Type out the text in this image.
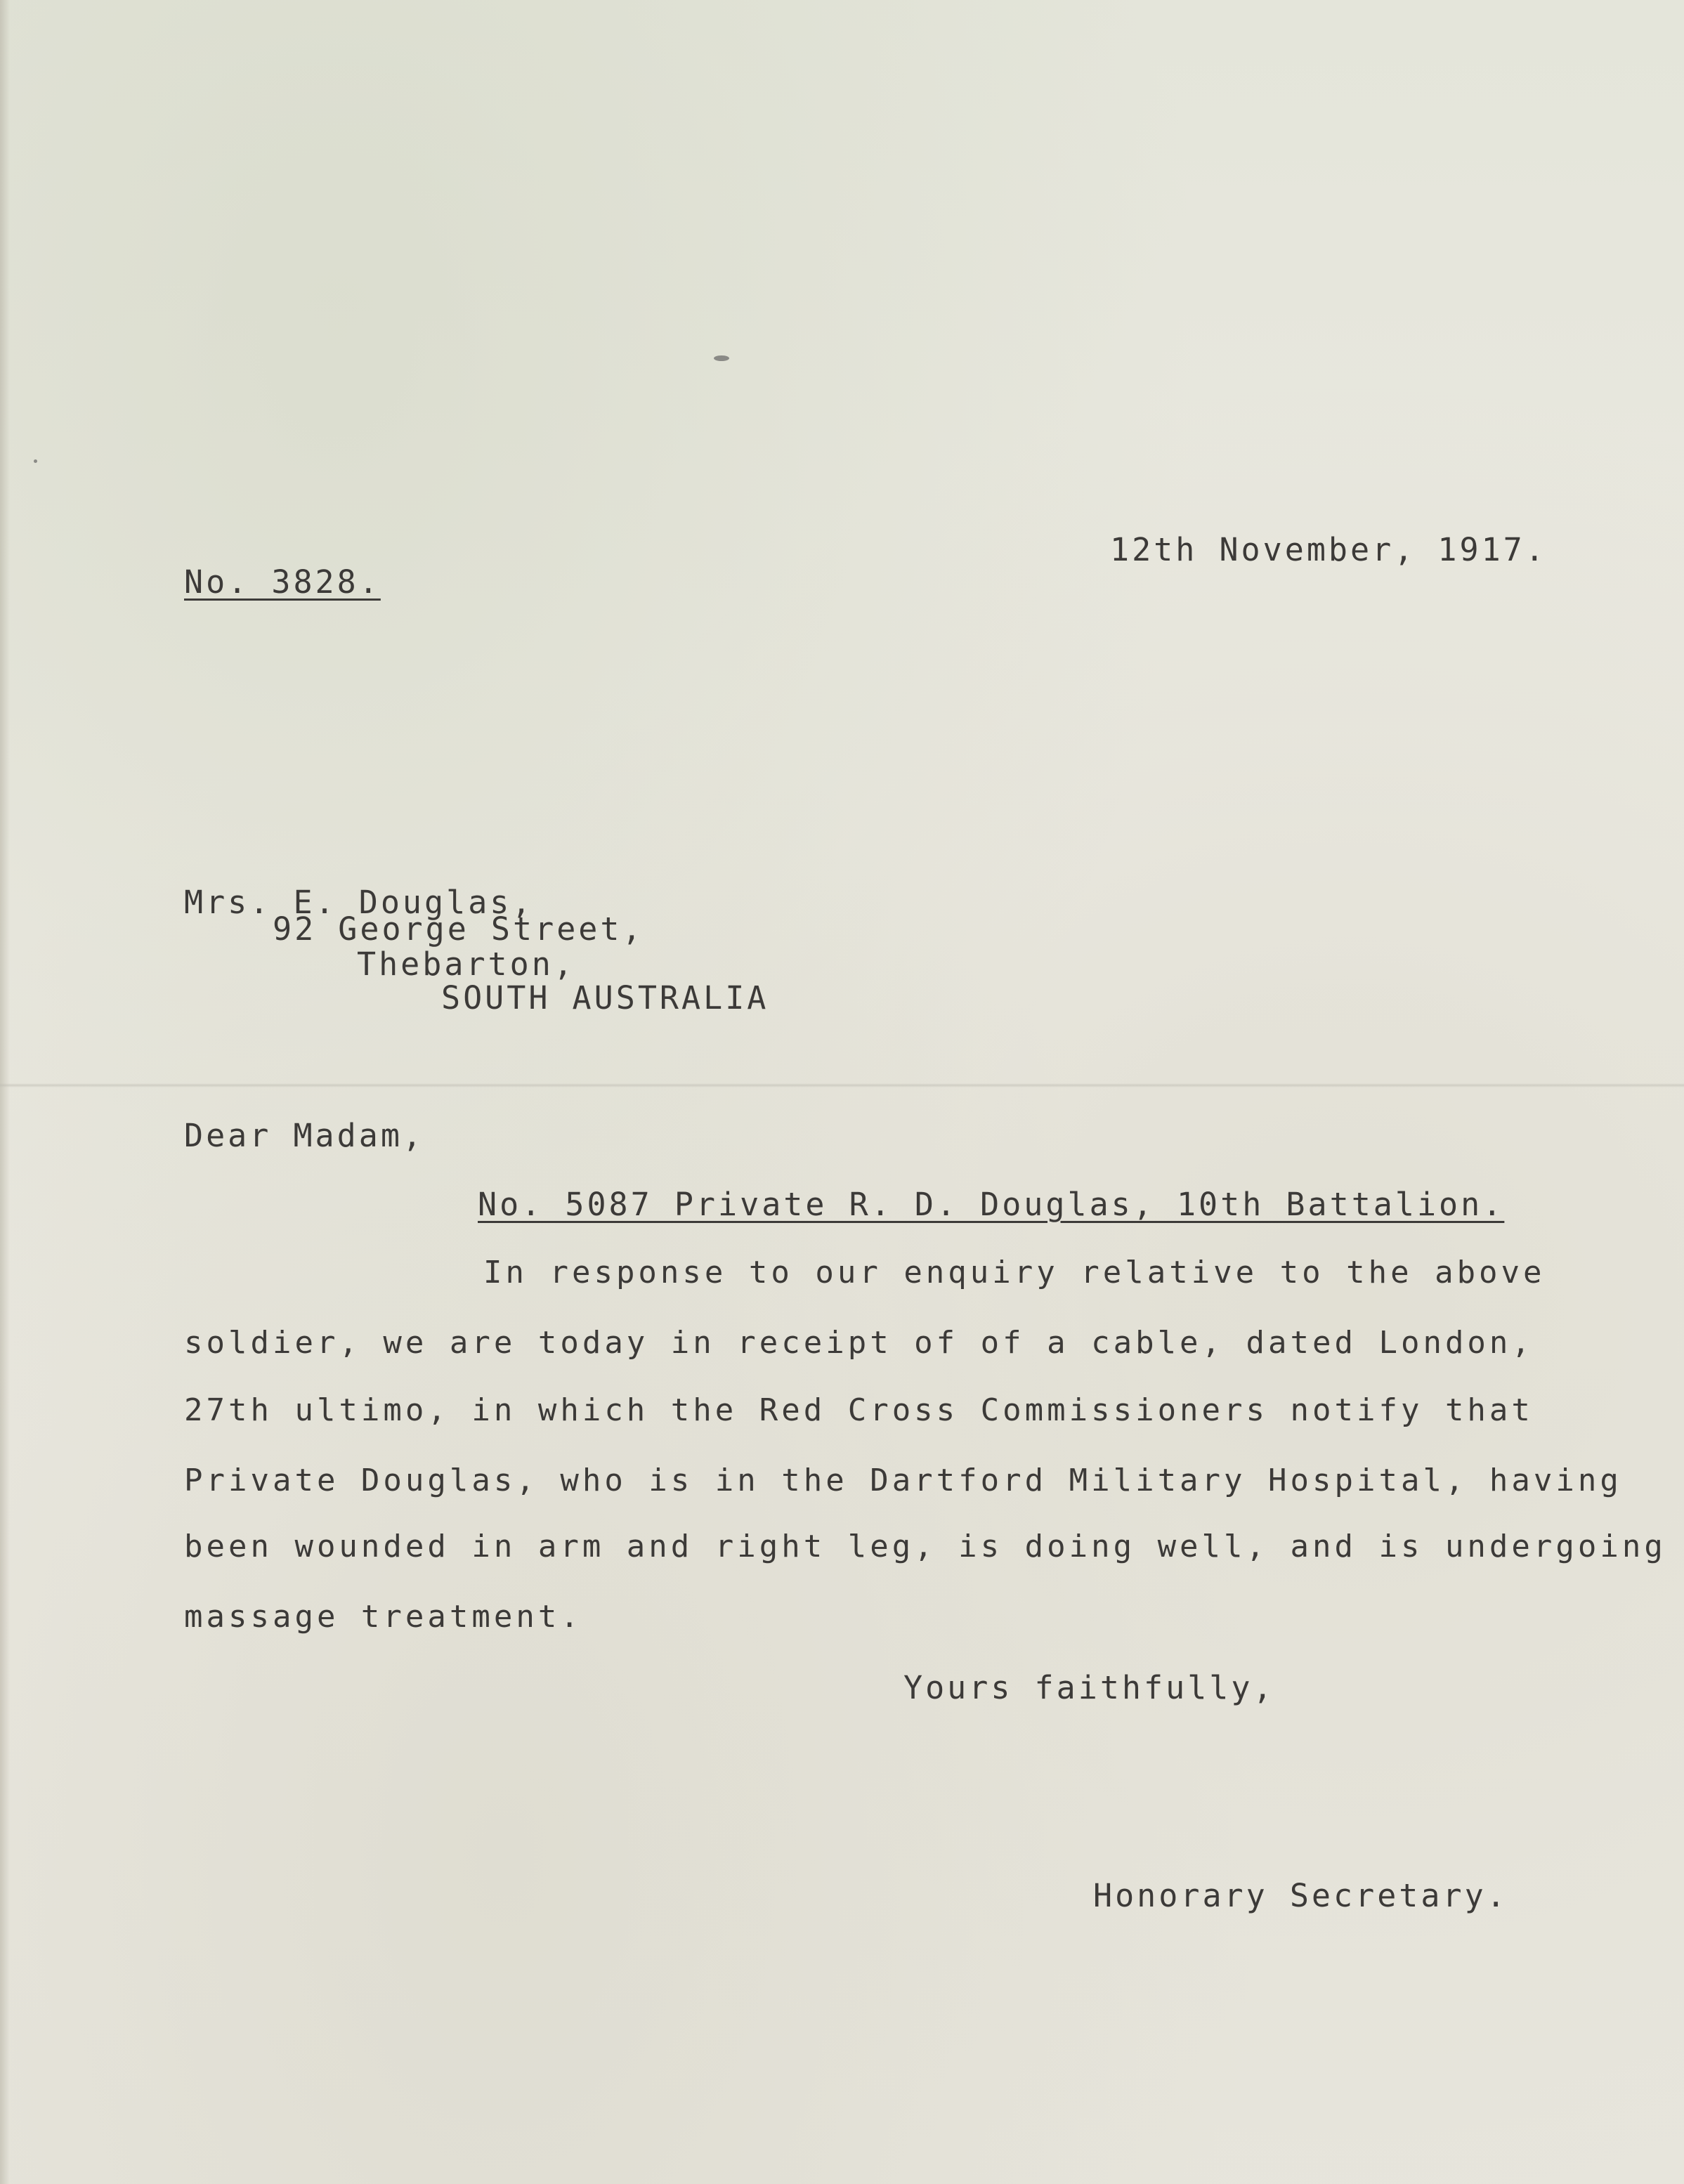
12th November, 1917.
No. 3828.
Mrs. E. Douglas,
92 George Street,
Thebarton,
SOUTH AUSTRALIA
Dear Madam,
No. 5087 Private R. D. Douglas, 10th Battalion.
In response to our enquiry relative to the above
soldier, we are today in receipt of of a cable, dated London,
27th ultimo, in which the Red Cross Commissioners notify that
Private Douglas, who is in the Dartford Military Hospital, having
been wounded in arm and right leg, is doing well, and is undergoing
massage treatment.
Yours faithfully,
Honorary Secretary.
